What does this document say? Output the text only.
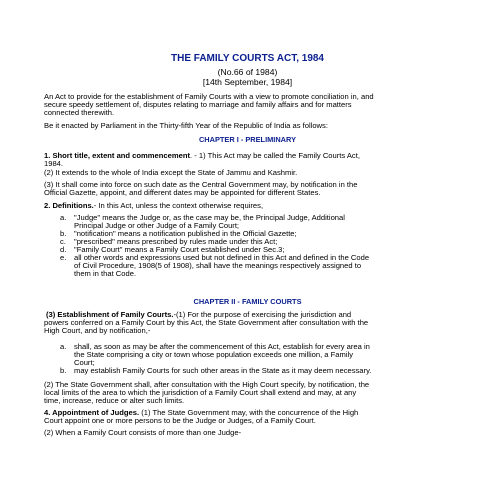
THE FAMILY COURTS ACT, 1984
(No.66 of 1984)
[14th September, 1984]
An Act to provide for the establishment of Family Courts with a view to promote conciliation in, and
secure speedy settlement of, disputes relating to marriage and family affairs and for matters
connected therewith.
Be it enacted by Parliament in the Thirty-fifth Year of the Republic of India as follows:
CHAPTER I - PRELIMINARY
1. Short title, extent and commencement. - 1) This Act may be called the Family Courts Act,
1984.
(2) It extends to the whole of India except the State of Jammu and Kashmir.
(3) It shall come into force on such date as the Central Government may, by notification in the
Official Gazette, appoint, and different dates may be appointed for different States.
2. Definitions.- In this Act, unless the context otherwise requires,
a. "Judge" means the Judge or, as the case may be, the Principal Judge, Additional
Principal Judge or other Judge of a Family Court;
b. "notification" means a notification published in the Official Gazette;
c. "prescribed" means prescribed by rules made under this Act;
d. "Family Court" means a Family Court established under Sec.3;
e. all other words and expressions used but not defined in this Act and defined in the Code
of Civil Procedure, 1908(5 of 1908), shall have the meanings respectively assigned to
them in that Code.
CHAPTER II - FAMILY COURTS
(3) Establishment of Family Courts.-(1) For the purpose of exercising the jurisdiction and
powers conferred on a Family Court by this Act, the State Government after consultation with the
High Court, and by notification,-
a. shall, as soon as may be after the commencement of this Act, establish for every area in
the State comprising a city or town whose population exceeds one million, a Family
Court;
b. may establish Family Courts for such other areas in the State as it may deem necessary.
(2) The State Government shall, after consultation with the High Court specify, by notification, the
local limits of the area to which the jurisdiction of a Family Court shall extend and may, at any
time, increase, reduce or alter such limits.
4. Appointment of Judges. (1) The State Government may, with the concurrence of the High
Court appoint one or more persons to be the Judge or Judges, of a Family Court.
(2) When a Family Court consists of more than one Judge-
